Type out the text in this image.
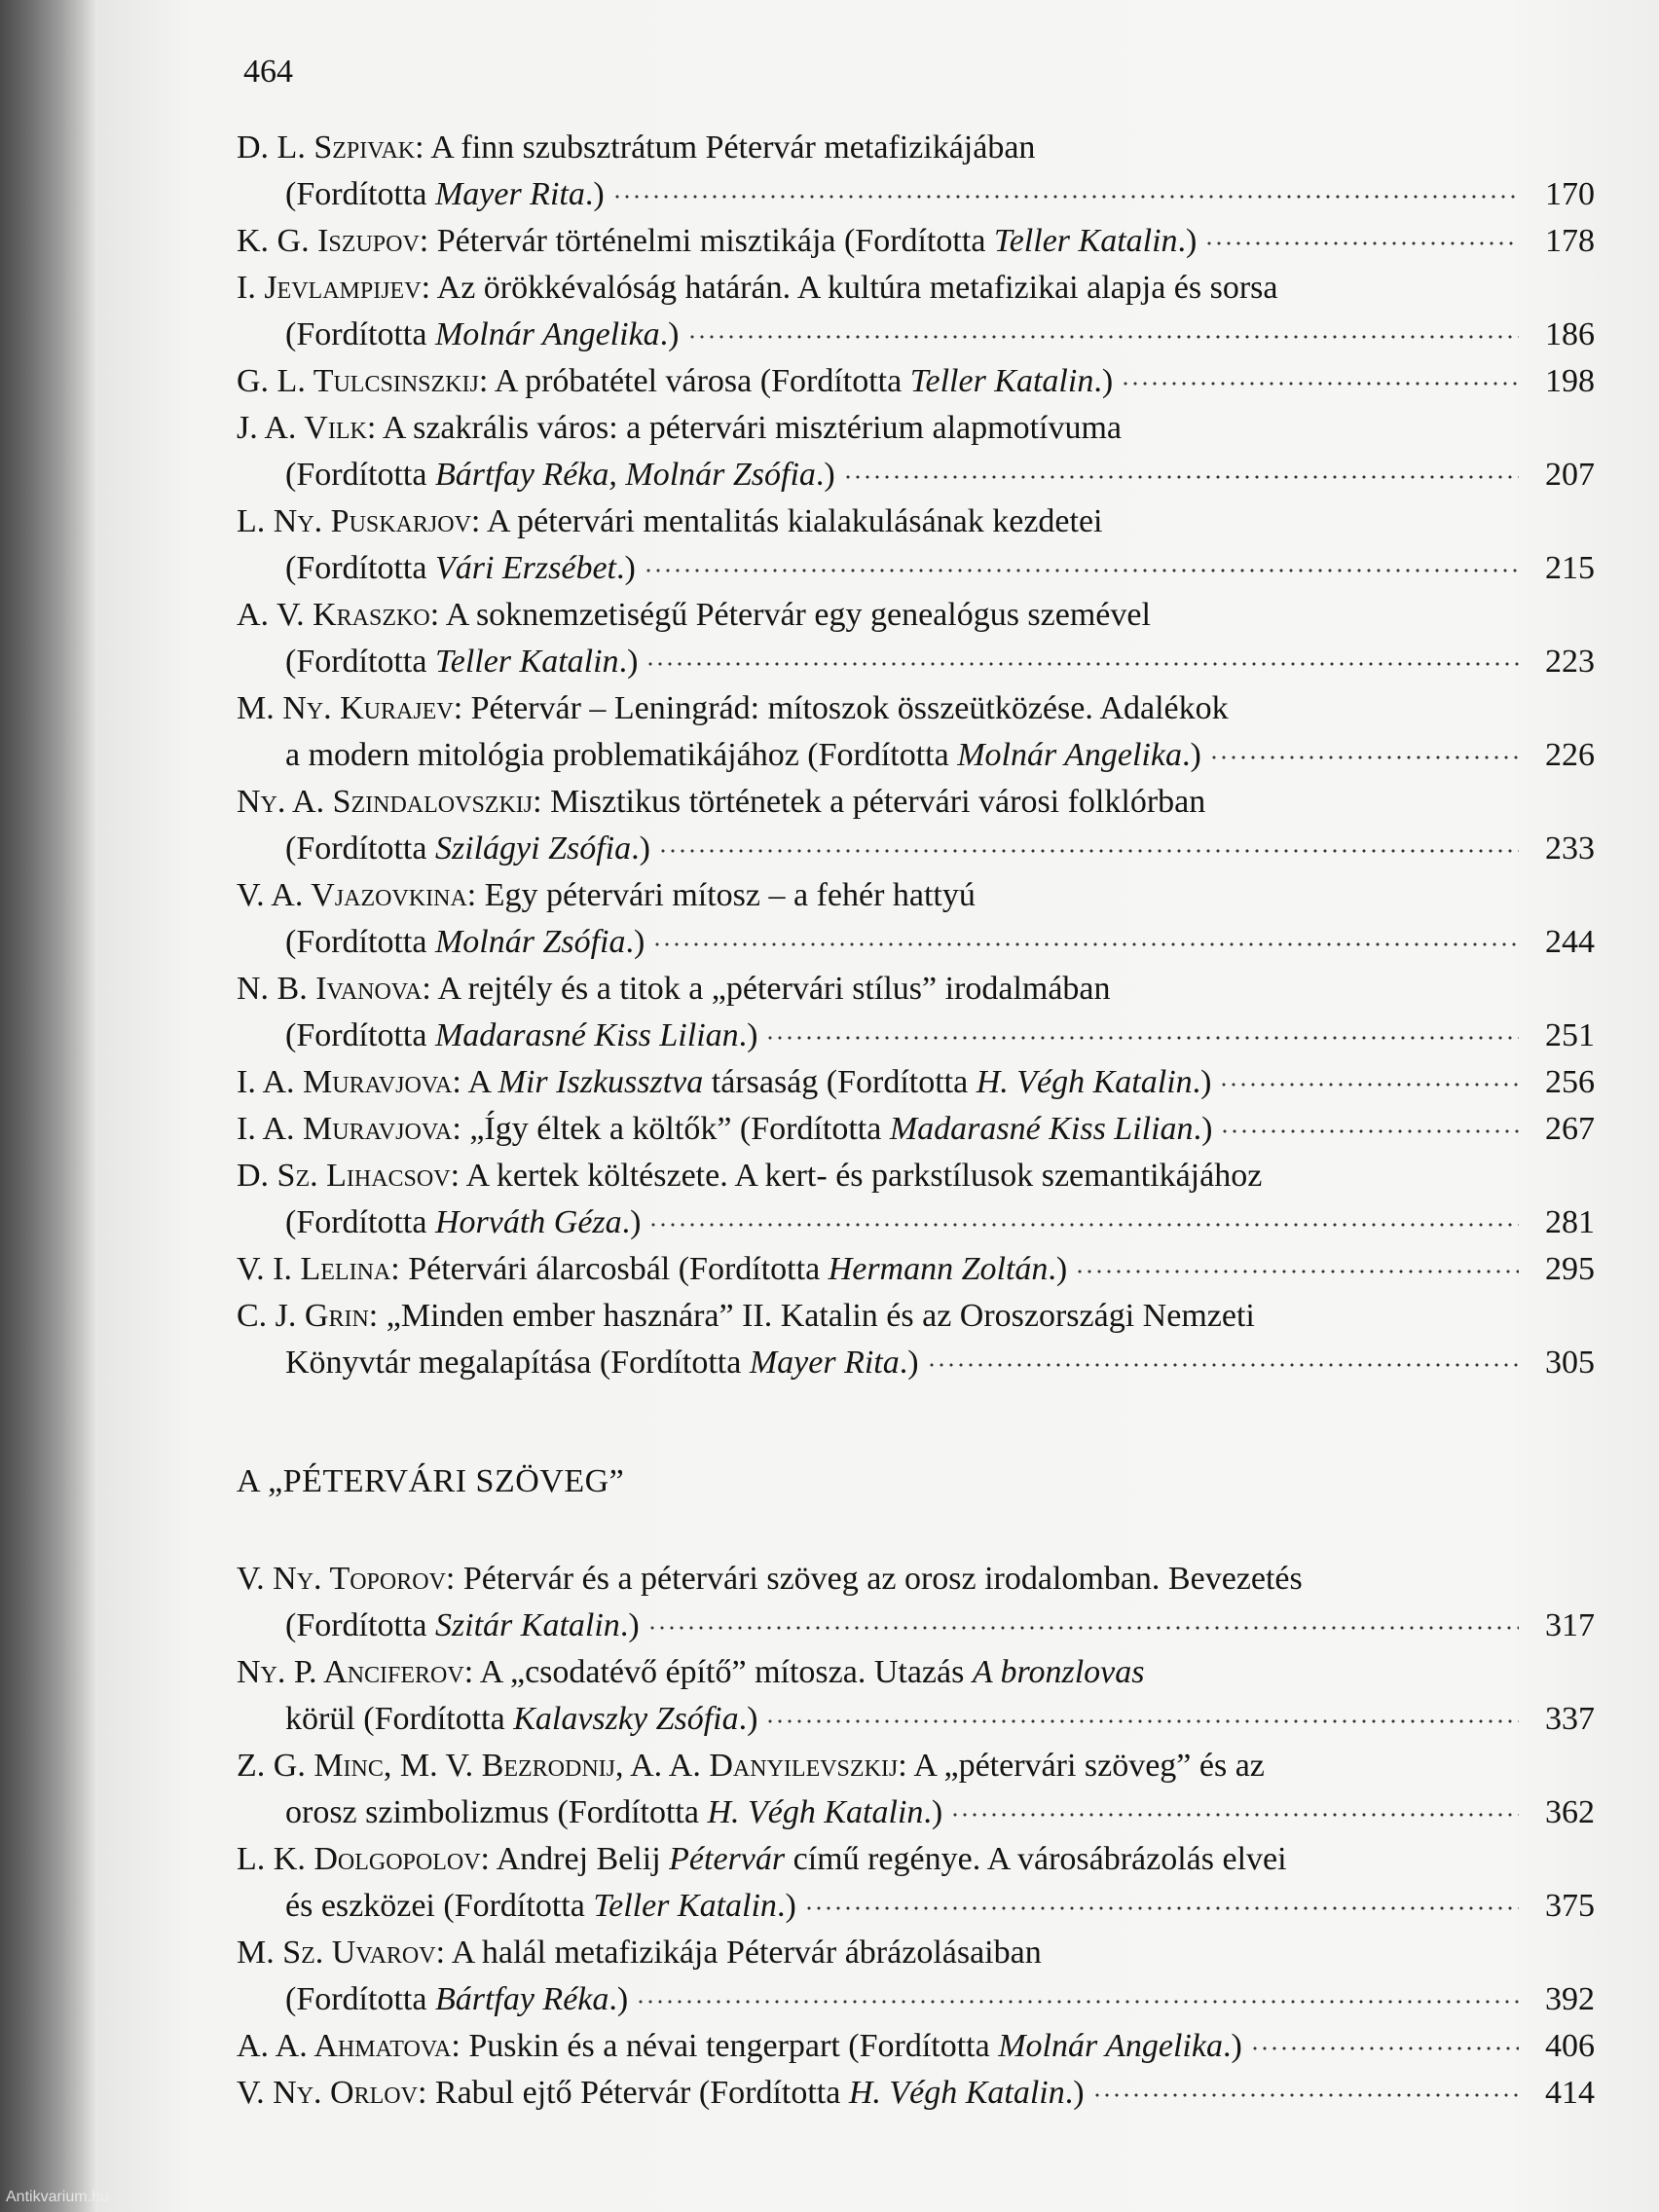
464
D. L. Szpivak: A finn szubsztrátum Pétervár metafizikájában
(Fordította Mayer Rita.)	170
K. G. Iszupov: Pétervár történelmi misztikája (Fordította Teller Katalin.)	178
I. Jevlampijev: Az örökkévalóság határán. A kultúra metafizikai alapja és sorsa
(Fordította Molnár Angelika.)	186
G. L. Tulcsinszkij: A próbatétel városa (Fordította Teller Katalin.)	198
J. A. Vilk: A szakrális város: a pétervári misztérium alapmotívuma
(Fordította Bártfay Réka, Molnár Zsófia.)	207
L. Ny. Puskarjov: A pétervári mentalitás kialakulásának kezdetei
(Fordította Vári Erzsébet.)	215
A. V. Kraszko: A soknemzetiségű Pétervár egy genealógus szemével
(Fordította Teller Katalin.)	223
M. Ny. Kurajev: Pétervár – Leningrád: mítoszok összeütközése. Adalékok
a modern mitológia problematikájához (Fordította Molnár Angelika.)	226
Ny. A. Szindalovszkij: Misztikus történetek a pétervári városi folklórban
(Fordította Szilágyi Zsófia.)	233
V. A. Vjazovkina: Egy pétervári mítosz – a fehér hattyú
(Fordította Molnár Zsófia.)	244
N. B. Ivanova: A rejtély és a titok a „pétervári stílus” irodalmában
(Fordította Madarasné Kiss Lilian.)	251
I. A. Muravjova: A Mir Iszkussztva társaság (Fordította H. Végh Katalin.)	256
I. A. Muravjova: „Így éltek a költők” (Fordította Madarasné Kiss Lilian.)	267
D. Sz. Lihacsov: A kertek költészete. A kert- és parkstílusok szemantikájához
(Fordította Horváth Géza.)	281
V. I. Lelina: Pétervári álarcosbál (Fordította Hermann Zoltán.)	295
C. J. Grin: „Minden ember hasznára” II. Katalin és az Oroszországi Nemzeti
Könyvtár megalapítása (Fordította Mayer Rita.)	305
A „PÉTERVÁRI SZÖVEG”
V. Ny. Toporov: Pétervár és a pétervári szöveg az orosz irodalomban. Bevezetés
(Fordította Szitár Katalin.)	317
Ny. P. Anciferov: A „csodatévő építő” mítosza. Utazás A bronzlovas
körül (Fordította Kalavszky Zsófia.)	337
Z. G. Minc, M. V. Bezrodnij, A. A. Danyilevszkij: A „pétervári szöveg” és az
orosz szimbolizmus (Fordította H. Végh Katalin.)	362
L. K. Dolgopolov: Andrej Belij Pétervár című regénye. A városábrázolás elvei
és eszközei (Fordította Teller Katalin.)	375
M. Sz. Uvarov: A halál metafizikája Pétervár ábrázolásaiban
(Fordította Bártfay Réka.)	392
A. A. Ahmatova: Puskin és a névai tengerpart (Fordította Molnár Angelika.)	406
V. Ny. Orlov: Rabul ejtő Pétervár (Fordította H. Végh Katalin.)	414
Antikvarium.hu
